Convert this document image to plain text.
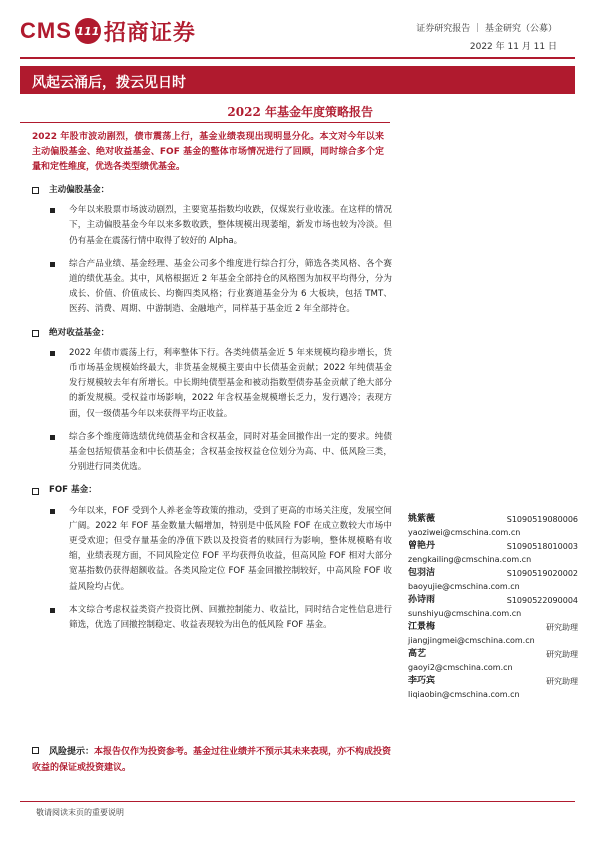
CMS 111 招商证券	证券研究报告 ｜ 基金研究（公募）
2022 年 11 月 11 日
风起云涌后，拨云见日时
2022 年基金年度策略报告
2022 年股市波动剧烈，债市震荡上行，基金业绩表现出现明显分化。本文对今年以来主动偏股基金、绝对收益基金、FOF 基金的整体市场情况进行了回顾，同时综合多个定量和定性维度，优选各类型绩优基金。
主动偏股基金：
今年以来股票市场波动剧烈，主要宽基指数均收跌，仅煤炭行业收涨。在这样的情况下，主动偏股基金今年以来多数收跌，整体规模出现萎缩，新发市场也较为冷淡。但仍有基金在震荡行情中取得了较好的 Alpha。
综合产品业绩、基金经理、基金公司多个维度进行综合打分，筛选各类风格、各个赛道的绩优基金。其中，风格根据近 2 年基金全部持仓的风格图为加权平均得分，分为成长、价值、价值成长、均衡四类风格；行业赛道基金分为 6 大板块，包括 TMT、医药、消费、周期、中游制造、金融地产，同样基于基金近 2 年全部持仓。
绝对收益基金：
2022 年债市震荡上行，利率整体下行。各类纯债基金近 5 年来规模均稳步增长，货币市场基金规模始终最大，非货基金规模主要由中长债基金贡献；2022 年纯债基金发行规模较去年有所增长。中长期纯债型基金和被动指数型债券基金贡献了绝大部分的新发规模。受权益市场影响，2022 年含权基金规模增长乏力，发行遇冷；表现方面，仅一级债基今年以来获得平均正收益。
综合多个维度筛选绩优纯债基金和含权基金，同时对基金回撤作出一定的要求。纯债基金包括短债基金和中长债基金；含权基金按权益仓位划分为高、中、低风险三类，分别进行同类优选。
FOF 基金：
今年以来，FOF 受到个人养老金等政策的推动，受到了更高的市场关注度，发展空间广阔。2022 年 FOF 基金数量大幅增加，特别是中低风险 FOF 在成立数较大市场中更受欢迎；但受存量基金的净值下跌以及投资者的赎回行为影响，整体规模略有收缩，业绩表现方面，不同风险定位 FOF 平均获得负收益，但高风险 FOF 相对大部分宽基指数仍获得超额收益。各类风险定位 FOF 基金回撤控制较好，中高风险 FOF 收益风险均占优。
本文综合考虑权益类资产投资比例、回撤控制能力、收益比，同时结合定性信息进行筛选，优选了回撤控制稳定、收益表现较为出色的低风险 FOF 基金。
姚紫薇	S1090519080006
yaoziwei@cmschina.com.cn
曾艳丹	S1090518010003
zengkailing@cmschina.com.cn
包羽洁	S1090519020002
baoyujie@cmschina.com.cn
孙诗雨	S1090522090004
sunshiyu@cmschina.com.cn
江景梅	研究助理
jiangjingmei@cmschina.com.cn
高艺	研究助理
gaoyi2@cmschina.com.cn
李巧宾	研究助理
liqiaobin@cmschina.com.cn
风险提示：本报告仅作为投资参考。基金过往业绩并不预示其未来表现，亦不构成投资收益的保证或投资建议。
敬请阅读末页的重要说明
